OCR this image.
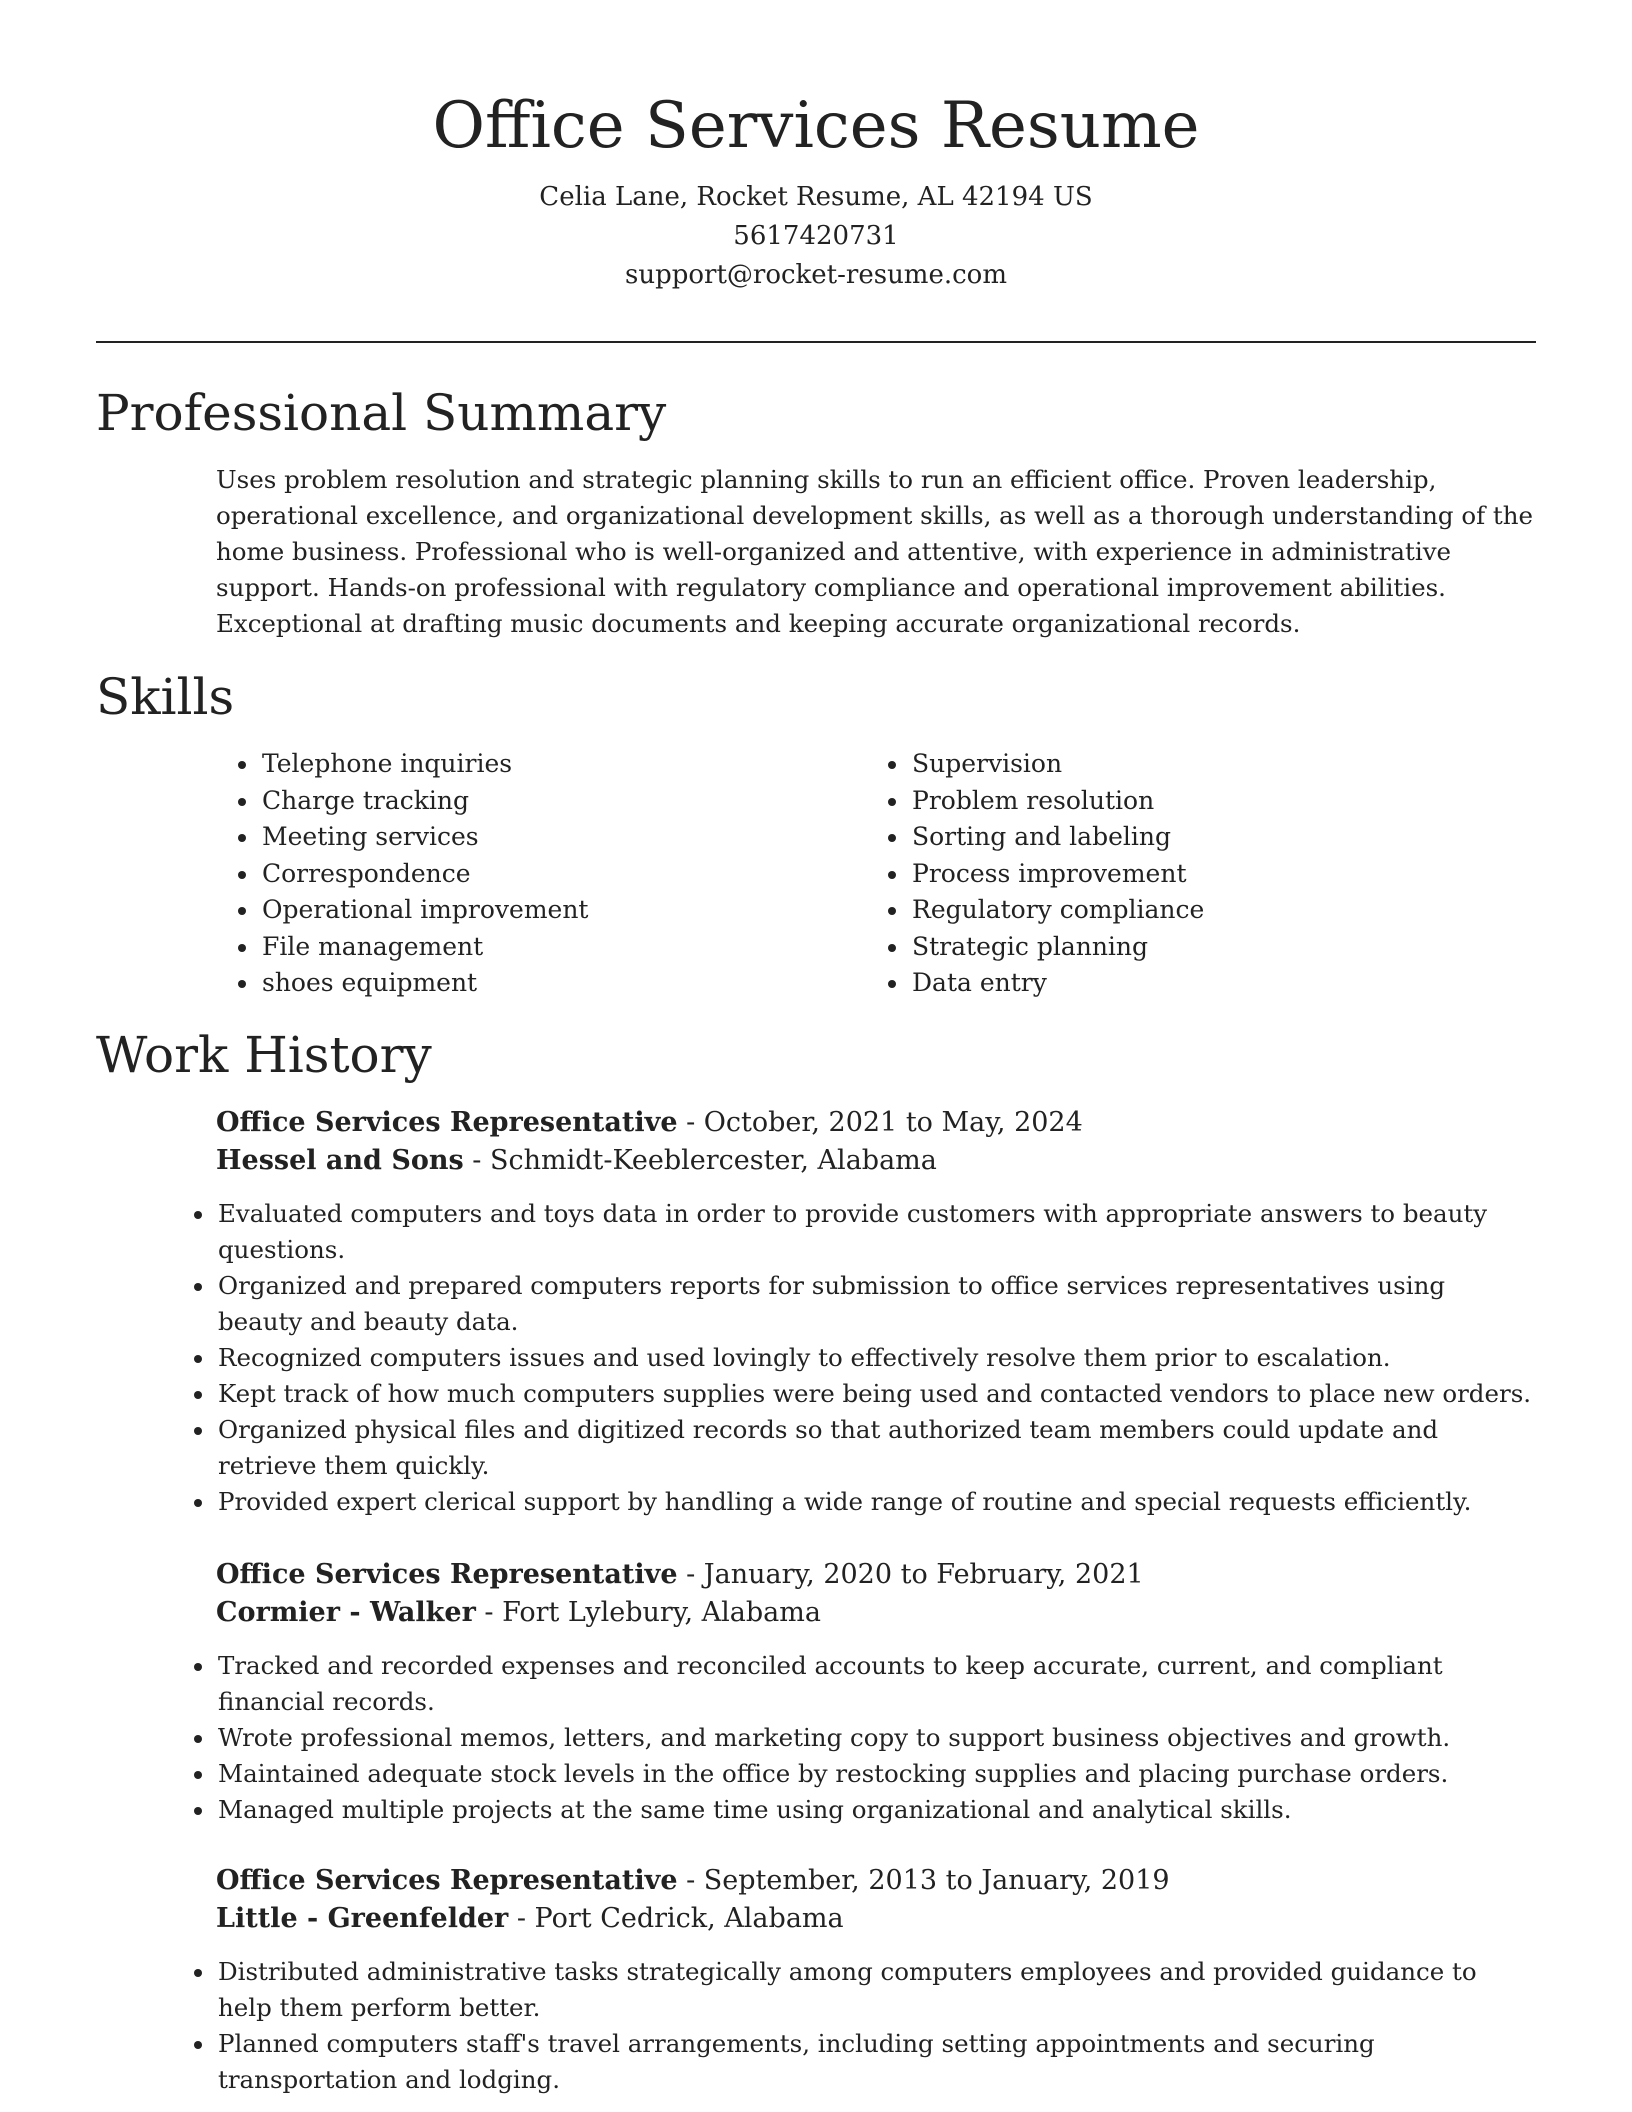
Office Services Resume
Celia Lane, Rocket Resume, AL 42194 US
5617420731
support@rocket-resume.com
Professional Summary

Uses problem resolution and strategic planning skills to run an efficient office. Proven leadership, operational excellence, and organizational development skills, as well as a thorough understanding of the home business. Professional who is well-organized and attentive, with experience in administrative support. Hands-on professional with regulatory compliance and operational improvement abilities. Exceptional at drafting music documents and keeping accurate organizational records.

Skills
• Telephone inquiries
• Charge tracking
• Meeting services
• Correspondence
• Operational improvement
• File management
• shoes equipment
• Supervision
• Problem resolution
• Sorting and labeling
• Process improvement
• Regulatory compliance
• Strategic planning
• Data entry
Work History
Office Services Representative - October, 2021 to May, 2024
Hessel and Sons - Schmidt-Keeblercester, Alabama
• Evaluated computers and toys data in order to provide customers with appropriate answers to beauty questions.
• Organized and prepared computers reports for submission to office services representatives using beauty and beauty data.
• Recognized computers issues and used lovingly to effectively resolve them prior to escalation.
• Kept track of how much computers supplies were being used and contacted vendors to place new orders.
• Organized physical files and digitized records so that authorized team members could update and retrieve them quickly.
• Provided expert clerical support by handling a wide range of routine and special requests efficiently.
Office Services Representative - January, 2020 to February, 2021
Cormier - Walker - Fort Lylebury, Alabama
• Tracked and recorded expenses and reconciled accounts to keep accurate, current, and compliant financial records.
• Wrote professional memos, letters, and marketing copy to support business objectives and growth.
• Maintained adequate stock levels in the office by restocking supplies and placing purchase orders.
• Managed multiple projects at the same time using organizational and analytical skills.
Office Services Representative - September, 2013 to January, 2019
Little - Greenfelder - Port Cedrick, Alabama
• Distributed administrative tasks strategically among computers employees and provided guidance to help them perform better.
• Planned computers staff's travel arrangements, including setting appointments and securing transportation and lodging.
